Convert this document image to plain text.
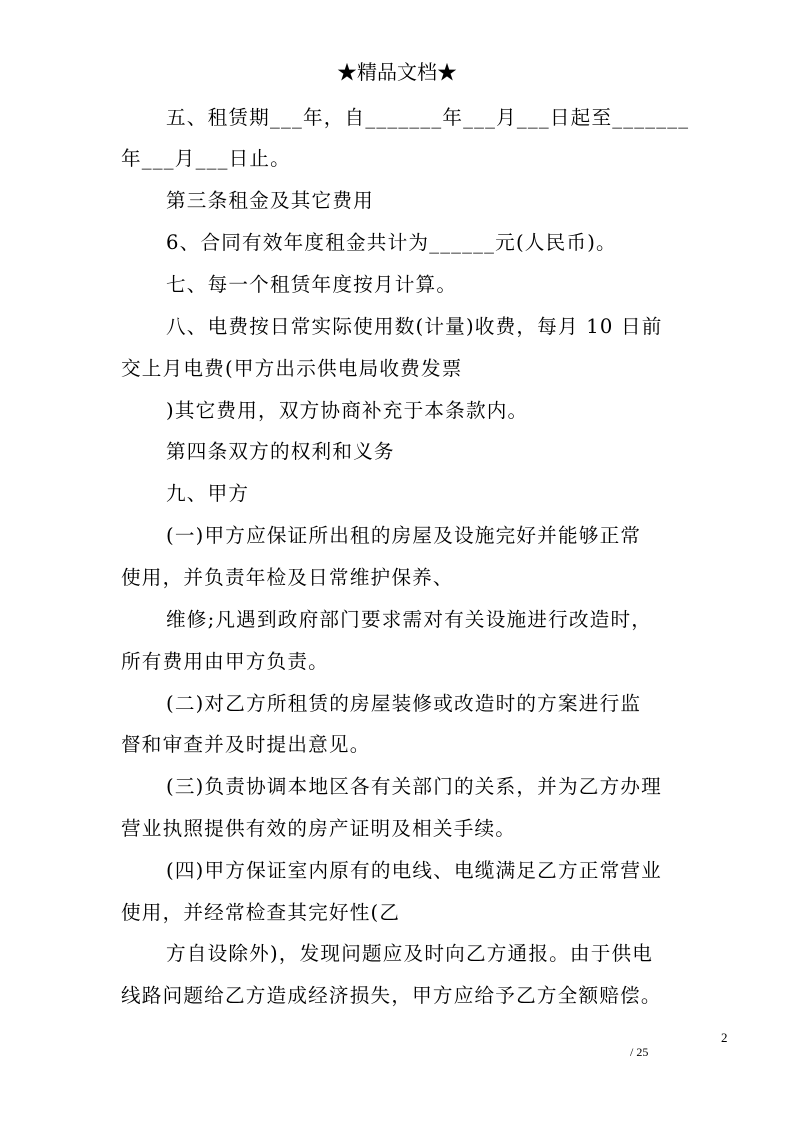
★精品文档★
五、租赁期___年，自_______年___月___日起至_______
年___月___日止。
第三条租金及其它费用
6、合同有效年度租金共计为______元(人民币)。
七、每一个租赁年度按月计算。
八、电费按日常实际使用数(计量)收费，每月 10 日前
交上月电费(甲方出示供电局收费发票
)其它费用，双方协商补充于本条款内。
第四条双方的权利和义务
九、甲方
(一)甲方应保证所出租的房屋及设施完好并能够正常
使用，并负责年检及日常维护保养、
维修;凡遇到政府部门要求需对有关设施进行改造时，
所有费用由甲方负责。
(二)对乙方所租赁的房屋装修或改造时的方案进行监
督和审查并及时提出意见。
(三)负责协调本地区各有关部门的关系，并为乙方办理
营业执照提供有效的房产证明及相关手续。
(四)甲方保证室内原有的电线、电缆满足乙方正常营业
使用，并经常检查其完好性(乙
方自设除外)，发现问题应及时向乙方通报。由于供电
线路问题给乙方造成经济损失，甲方应给予乙方全额赔偿。
2
/ 25
